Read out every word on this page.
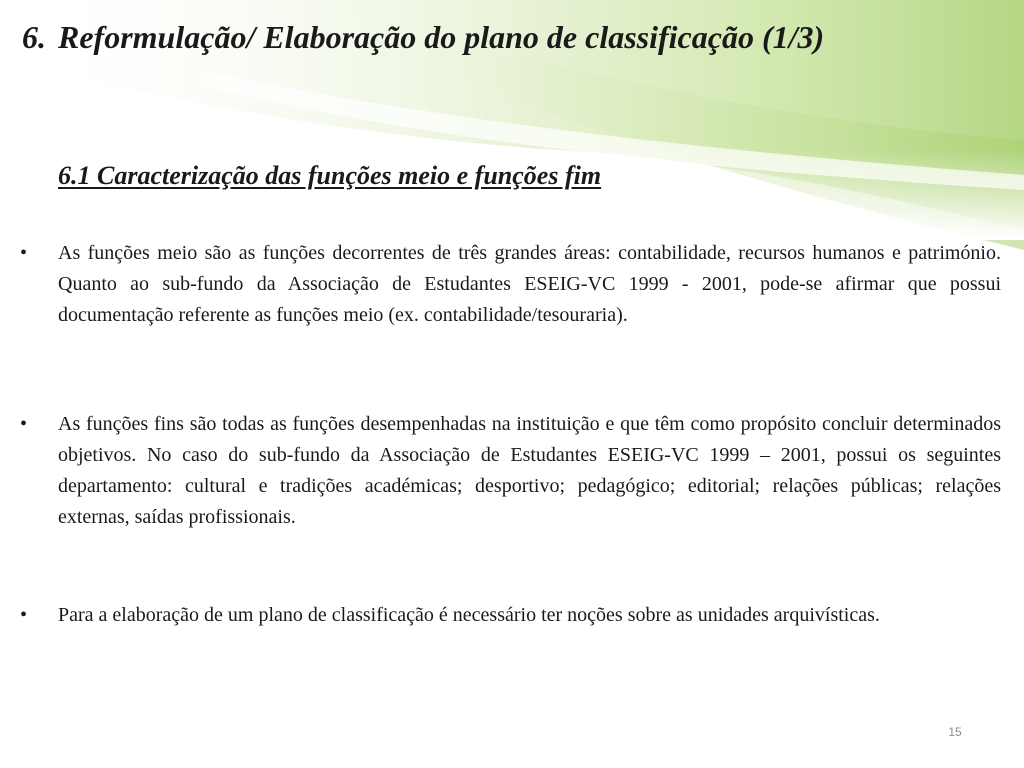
6. Reformulação/ Elaboração do plano de classificação (1/3)
6.1 Caracterização das funções meio e funções fim
• As funções meio são as funções decorrentes de três grandes áreas: contabilidade, recursos humanos e património. Quanto ao sub-fundo da Associação de Estudantes ESEIG-VC 1999 - 2001, pode-se afirmar que possui documentação referente as funções meio (ex. contabilidade/tesouraria).
• As funções fins são todas as funções desempenhadas na instituição e que têm como propósito concluir determinados objetivos. No caso do sub-fundo da Associação de Estudantes ESEIG-VC 1999 – 2001, possui os seguintes departamento: cultural e tradições académicas; desportivo; pedagógico; editorial; relações públicas; relações externas, saídas profissionais.
• Para a elaboração de um plano de classificação é necessário ter noções sobre as unidades arquivísticas.
15
